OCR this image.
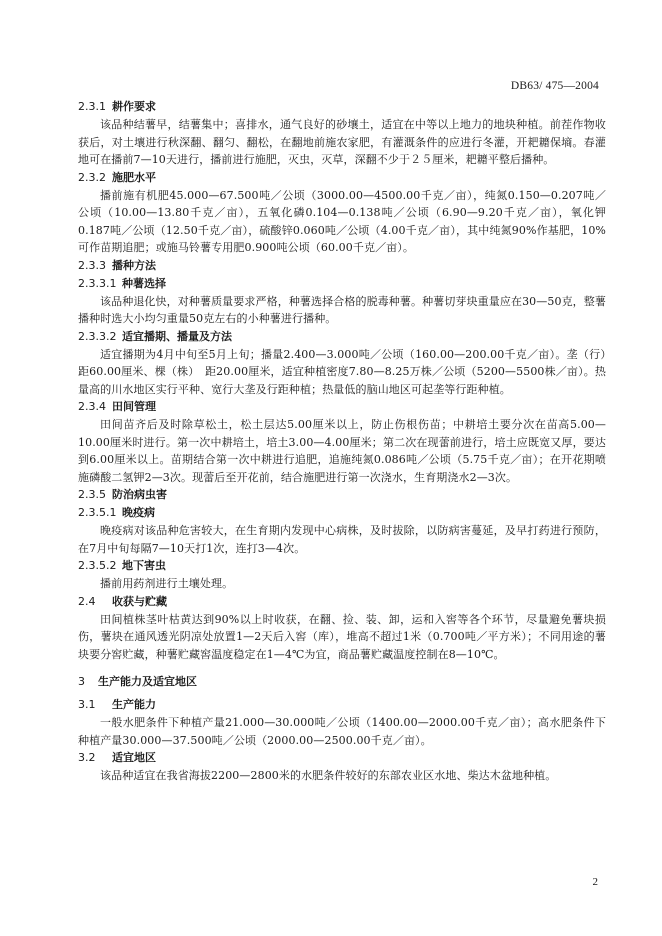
DB63/ 475—2004
2.3.1 耕作要求

该品种结薯早，结薯集中；喜排水，通气良好的砂壤土，适宜在中等以上地力的地块种植。前茬作物收获后，对土壤进行秋深翻、翻匀、翻松，在翻地前施农家肥，有灌溉条件的应进行冬灌，开耙耱保墒。春灌地可在播前7—10天进行，播前进行施肥，灭虫，灭草，深翻不少于２５厘米，耙耱平整后播种。

2.3.2 施肥水平

播前施有机肥45.000—67.500吨／公顷（3000.00—4500.00千克／亩），纯氮0.150—0.207吨／公顷（10.00—13.80千克／亩），五氧化磷0.104—0.138吨／公顷（6.90—9.20千克／亩），氧化钾0.187吨／公顷（12.50千克／亩），硫酸锌0.060吨／公顷（4.00千克／亩），其中纯氮90%作基肥，10%可作苗期追肥；或施马铃薯专用肥0.900吨公顷（60.00千克／亩）。

2.3.3 播种方法
2.3.3.1 种薯选择

该品种退化快，对种薯质量要求严格，种薯选择合格的脱毒种薯。种薯切芽块重量应在30—50克，整薯播种时选大小均匀重量50克左右的小种薯进行播种。

2.3.3.2 适宜播期、播量及方法

适宜播期为4月中旬至5月上旬；播量2.400—3.000吨／公顷（160.00—200.00千克／亩）。垄（行）距60.00厘米、棵（株）　距20.00厘米，适宜种植密度7.80—8.25万株／公顷（5200—5500株／亩）。热量高的川水地区实行平种、宽行大垄及行距种植；热量低的脑山地区可起垄等行距种植。

2.3.4 田间管理

田间苗齐后及时除草松土，松土层达5.00厘米以上，防止伤根伤苗；中耕培土要分次在苗高5.00—10.00厘米时进行。第一次中耕培土，培土3.00—4.00厘米；第二次在现蕾前进行，培土应既宽又厚，要达到6.00厘米以上。苗期结合第一次中耕进行追肥，追施纯氮0.086吨／公顷（5.75千克／亩）；在开花期喷施磷酸二氢钾2—3次。现蕾后至开花前，结合施肥进行第一次浇水，生育期浇水2—3次。

2.3.5 防治病虫害
2.3.5.1 晚疫病

晚疫病对该品种危害较大，在生育期内发现中心病株，及时拔除，以防病害蔓延，及早打药进行预防，在7月中旬每隔7—10天打1次，连打3—4次。

2.3.5.2 地下害虫

播前用药剂进行土壤处理。

2.4 收获与贮藏

田间植株茎叶枯黄达到90%以上时收获，在翻、捡、装、卸，运和入窖等各个环节，尽量避免薯块损伤，薯块在通风透光阴凉处放置1—2天后入窖（库），堆高不超过1米（0.700吨／平方米）；不同用途的薯块要分窖贮藏，种薯贮藏窖温度稳定在1—4℃为宜，商品薯贮藏温度控制在8—10℃。

3 生产能力及适宜地区
3.1 生产能力

一般水肥条件下种植产量21.000—30.000吨／公顷（1400.00—2000.00千克／亩）；高水肥条件下种植产量30.000—37.500吨／公顷（2000.00—2500.00千克／亩）。

3.2 适宜地区

该品种适宜在我省海拔2200—2800米的水肥条件较好的东部农业区水地、柴达木盆地种植。

2
